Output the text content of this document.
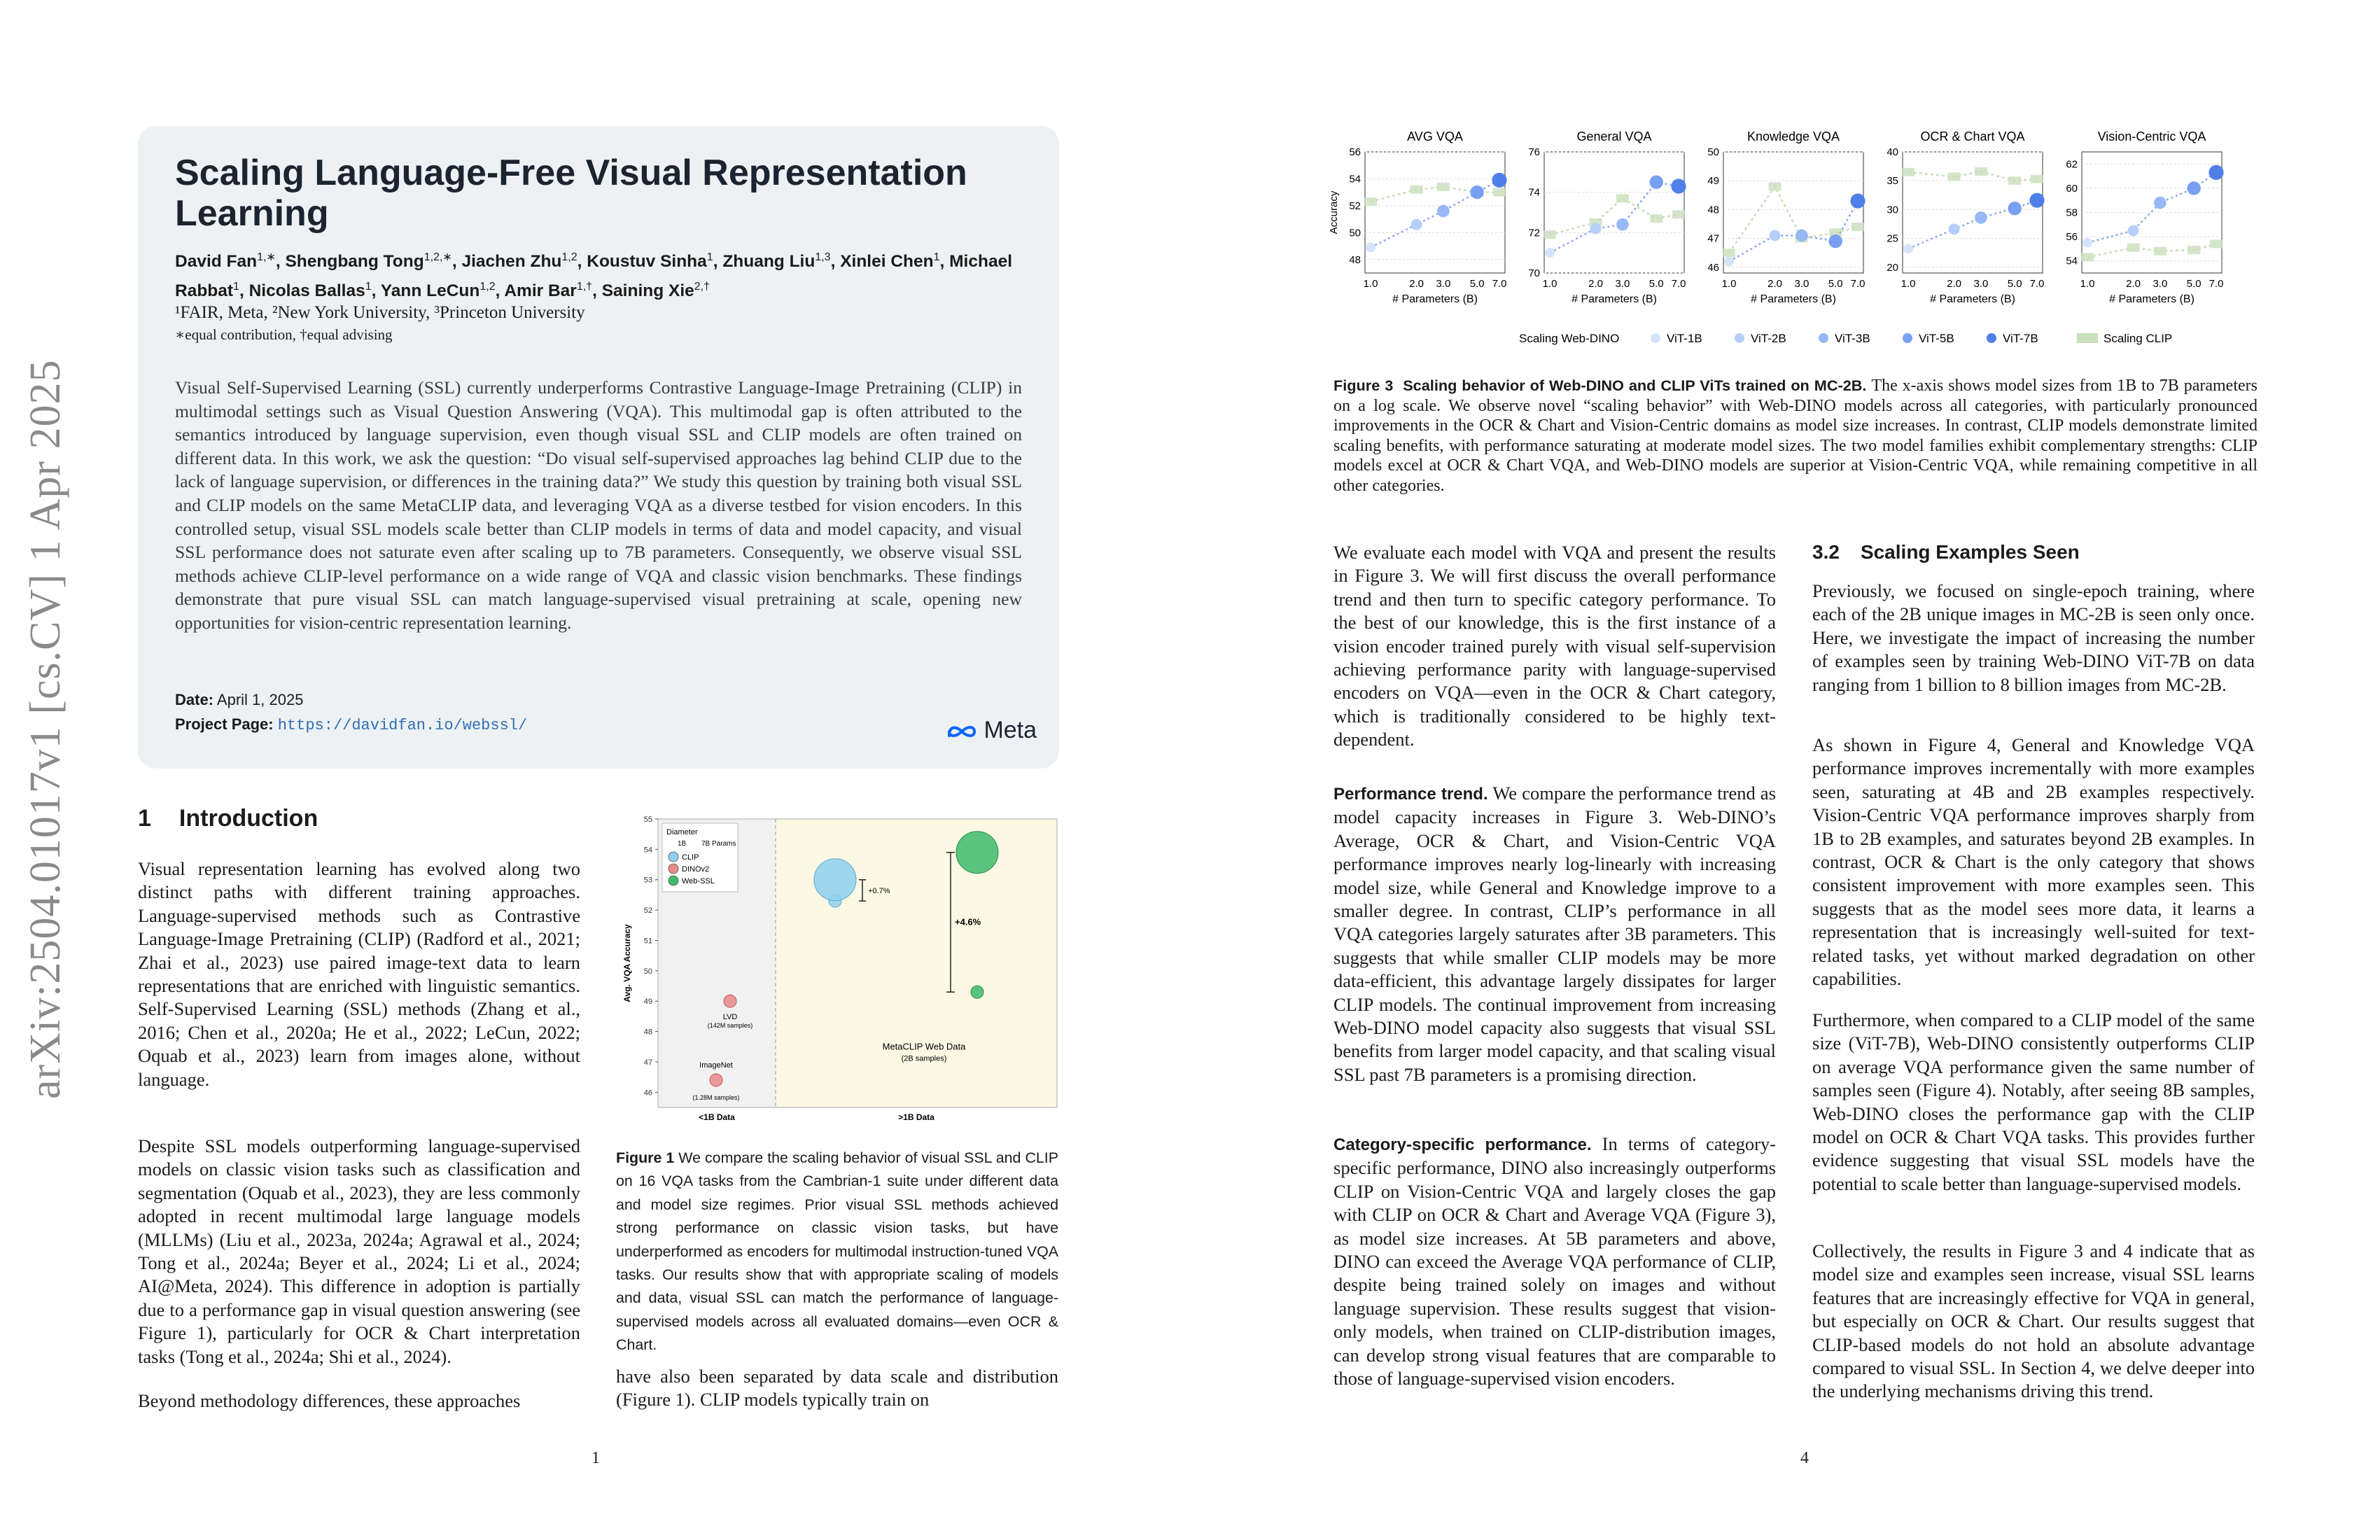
arXiv:2504.01017v1 [cs.CV] 1 Apr 2025
Scaling Language-Free Visual Representation Learning
David Fan$^{1,∗}$, Shengbang Tong$^{1,2,∗}$, Jiachen Zhu$^{1,2}$, Koustuv Sinha$^1$, Zhuang Liu$^{1,3}$, Xinlei Chen$^1$, Michael Rabbat$^1$, Nicolas Ballas$^1$, Yann LeCun$^{1,2}$, Amir Bar$^{1,\dagger}$, Saining Xie$^{2,\dagger}$
¹FAIR, Meta, ²New York University, ³Princeton University
∗equal contribution, †equal advising
Visual Self-Supervised Learning (SSL) currently underperforms Contrastive Language-Image Pretraining (CLIP) in multimodal settings such as Visual Question Answering (VQA). This multimodal gap is often attributed to the semantics introduced by language supervision, even though visual SSL and CLIP models are often trained on different data. In this work, we ask the question: “Do visual self-supervised approaches lag behind CLIP due to the lack of language supervision, or differences in the training data?” We study this question by training both visual SSL and CLIP models on the same MetaCLIP data, and leveraging VQA as a diverse testbed for vision encoders. In this controlled setup, visual SSL models scale better than CLIP models in terms of data and model capacity, and visual SSL performance does not saturate even after scaling up to 7B parameters. Consequently, we observe visual SSL methods achieve CLIP-level performance on a wide range of VQA and classic vision benchmarks. These findings demonstrate that pure visual SSL can match language-supervised visual pretraining at scale, opening new opportunities for vision-centric representation learning.
Date: April 1, 2025
Project Page: https://davidfan.io/webssl/	Meta
1 Introduction

Visual representation learning has evolved along two distinct paths with different training approaches. Language-supervised methods such as Contrastive Language-Image Pretraining (CLIP) (Radford et al., 2021; Zhai et al., 2023) use paired image-text data to learn representations that are enriched with linguistic semantics. Self-Supervised Learning (SSL) methods (Zhang et al., 2016; Chen et al., 2020a; He et al., 2022; LeCun, 2022; Oquab et al., 2023) learn from images alone, without language.

Despite SSL models outperforming language-supervised models on classic vision tasks such as classification and segmentation (Oquab et al., 2023), they are less commonly adopted in recent multimodal large language models (MLLMs) (Liu et al., 2023a, 2024a; Agrawal et al., 2024; Tong et al., 2024a; Beyer et al., 2024; Li et al., 2024; AI@Meta, 2024). This difference in adoption is partially due to a performance gap in visual question answering (see Figure 1), particularly for OCR & Chart interpretation tasks (Tong et al., 2024a; Shi et al., 2024).

Beyond methodology differences, these approaches

55
54
53
52
51
50
49
48
47
46
Avg. VQA Accuracy
<1B Data	>1B Data
Diameter
1B 7B Params
CLIP
DINOv2
Web-SSL
LVD
(142M samples)
ImageNet
(1.28M samples)
MetaCLIP Web Data
(2B samples)
+0.7%
+4.6%

Figure 1 We compare the scaling behavior of visual SSL and CLIP on 16 VQA tasks from the Cambrian-1 suite under different data and model size regimes. Prior visual SSL methods achieved strong performance on classic vision tasks, but have underperformed as encoders for multimodal instruction-tuned VQA tasks. Our results show that with appropriate scaling of models and data, visual SSL can match the performance of language-supervised models across all evaluated domains—even OCR & Chart.

have also been separated by data scale and distribution (Figure 1). CLIP models typically train on

1
AVG VQA
48
50
52
54
56
1.0	2.0 3.0 5.0 7.0
# Parameters (B)
Accuracy
General VQA
70
72
74
76
1.0	2.0 3.0 5.0 7.0
# Parameters (B)
Knowledge VQA
46
47
48
49
50
1.0	2.0 3.0 5.0 7.0
# Parameters (B)
OCR & Chart VQA
20
25
30
35
40
1.0	2.0 3.0 5.0 7.0
# Parameters (B)
Vision-Centric VQA
54
56
58
60
62
1.0	2.0 3.0 5.0 7.0
# Parameters (B)
Scaling Web-DINO	ViT-1B	ViT-2B	ViT-3B	ViT-5B	ViT-7B	Scaling CLIP

Figure 3 Scaling behavior of Web-DINO and CLIP ViTs trained on MC-2B. The x-axis shows model sizes from 1B to 7B parameters on a log scale. We observe novel “scaling behavior” with Web-DINO models across all categories, with particularly pronounced improvements in the OCR & Chart and Vision-Centric domains as model size increases. In contrast, CLIP models demonstrate limited scaling benefits, with performance saturating at moderate model sizes. The two model families exhibit complementary strengths: CLIP models excel at OCR & Chart VQA, and Web-DINO models are superior at Vision-Centric VQA, while remaining competitive in all other categories.

We evaluate each model with VQA and present the results in Figure 3. We will first discuss the overall performance trend and then turn to specific category performance. To the best of our knowledge, this is the first instance of a vision encoder trained purely with visual self-supervision achieving performance parity with language-supervised encoders on VQA—even in the OCR & Chart category, which is traditionally considered to be highly text-dependent.

Performance trend. We compare the performance trend as model capacity increases in Figure 3. Web-DINO’s Average, OCR & Chart, and Vision-Centric VQA performance improves nearly log-linearly with increasing model size, while General and Knowledge improve to a smaller degree. In contrast, CLIP’s performance in all VQA categories largely saturates after 3B parameters. This suggests that while smaller CLIP models may be more data-efficient, this advantage largely dissipates for larger CLIP models. The continual improvement from increasing Web-DINO model capacity also suggests that visual SSL benefits from larger model capacity, and that scaling visual SSL past 7B parameters is a promising direction.

Category-specific performance. In terms of category-specific performance, DINO also increasingly outperforms CLIP on Vision-Centric VQA and largely closes the gap with CLIP on OCR & Chart and Average VQA (Figure 3), as model size increases. At 5B parameters and above, DINO can exceed the Average VQA performance of CLIP, despite being trained solely on images and without language supervision. These results suggest that vision-only models, when trained on CLIP-distribution images, can develop strong visual features that are comparable to those of language-supervised vision encoders.

3.2 Scaling Examples Seen

Previously, we focused on single-epoch training, where each of the 2B unique images in MC-2B is seen only once. Here, we investigate the impact of increasing the number of examples seen by training Web-DINO ViT-7B on data ranging from 1 billion to 8 billion images from MC-2B.

As shown in Figure 4, General and Knowledge VQA performance improves incrementally with more examples seen, saturating at 4B and 2B examples respectively. Vision-Centric VQA performance improves sharply from 1B to 2B examples, and saturates beyond 2B examples. In contrast, OCR & Chart is the only category that shows consistent improvement with more examples seen. This suggests that as the model sees more data, it learns a representation that is increasingly well-suited for text-related tasks, yet without marked degradation on other capabilities.

Furthermore, when compared to a CLIP model of the same size (ViT-7B), Web-DINO consistently outperforms CLIP on average VQA performance given the same number of samples seen (Figure 4). Notably, after seeing 8B samples, Web-DINO closes the performance gap with the CLIP model on OCR & Chart VQA tasks. This provides further evidence suggesting that visual SSL models have the potential to scale better than language-supervised models.

Collectively, the results in Figure 3 and 4 indicate that as model size and examples seen increase, visual SSL learns features that are increasingly effective for VQA in general, but especially on OCR & Chart. Our results suggest that CLIP-based models do not hold an absolute advantage compared to visual SSL. In Section 4, we delve deeper into the underlying mechanisms driving this trend.

4
